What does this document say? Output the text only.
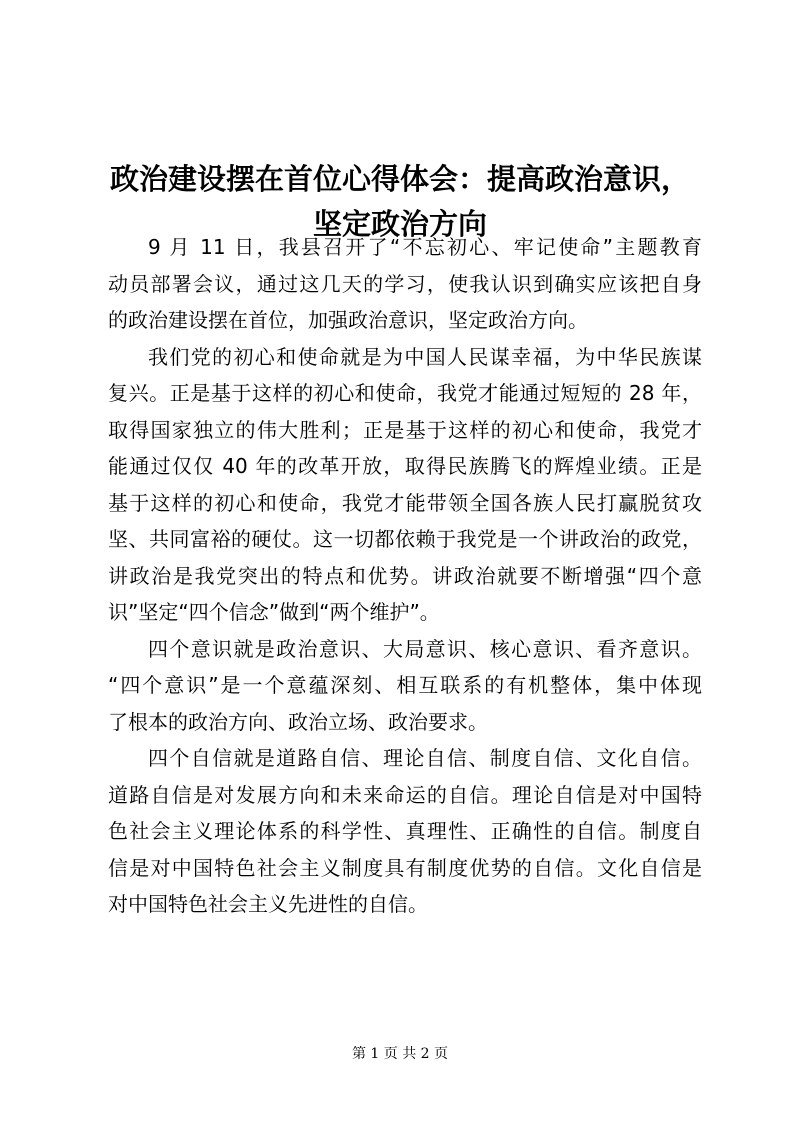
政治建设摆在首位心得体会：提高政治意识，
坚定政治方向

9 月 11 日，我县召开了“不忘初心、牢记使命”主题教育
动员部署会议，通过这几天的学习，使我认识到确实应该把自身
的政治建设摆在首位，加强政治意识，坚定政治方向。

我们党的初心和使命就是为中国人民谋幸福，为中华民族谋
复兴。正是基于这样的初心和使命，我党才能通过短短的 28 年，
取得国家独立的伟大胜利；正是基于这样的初心和使命，我党才
能通过仅仅 40 年的改革开放，取得民族腾飞的辉煌业绩。正是
基于这样的初心和使命，我党才能带领全国各族人民打赢脱贫攻
坚、共同富裕的硬仗。这一切都依赖于我党是一个讲政治的政党，
讲政治是我党突出的特点和优势。讲政治就要不断增强“四个意
识”坚定“四个信念”做到“两个维护”。

四个意识就是政治意识、大局意识、核心意识、看齐意识。
“四个意识”是一个意蕴深刻、相互联系的有机整体，集中体现
了根本的政治方向、政治立场、政治要求。

四个自信就是道路自信、理论自信、制度自信、文化自信。
道路自信是对发展方向和未来命运的自信。理论自信是对中国特
色社会主义理论体系的科学性、真理性、正确性的自信。制度自
信是对中国特色社会主义制度具有制度优势的自信。文化自信是
对中国特色社会主义先进性的自信。

第 1 页 共 2 页
